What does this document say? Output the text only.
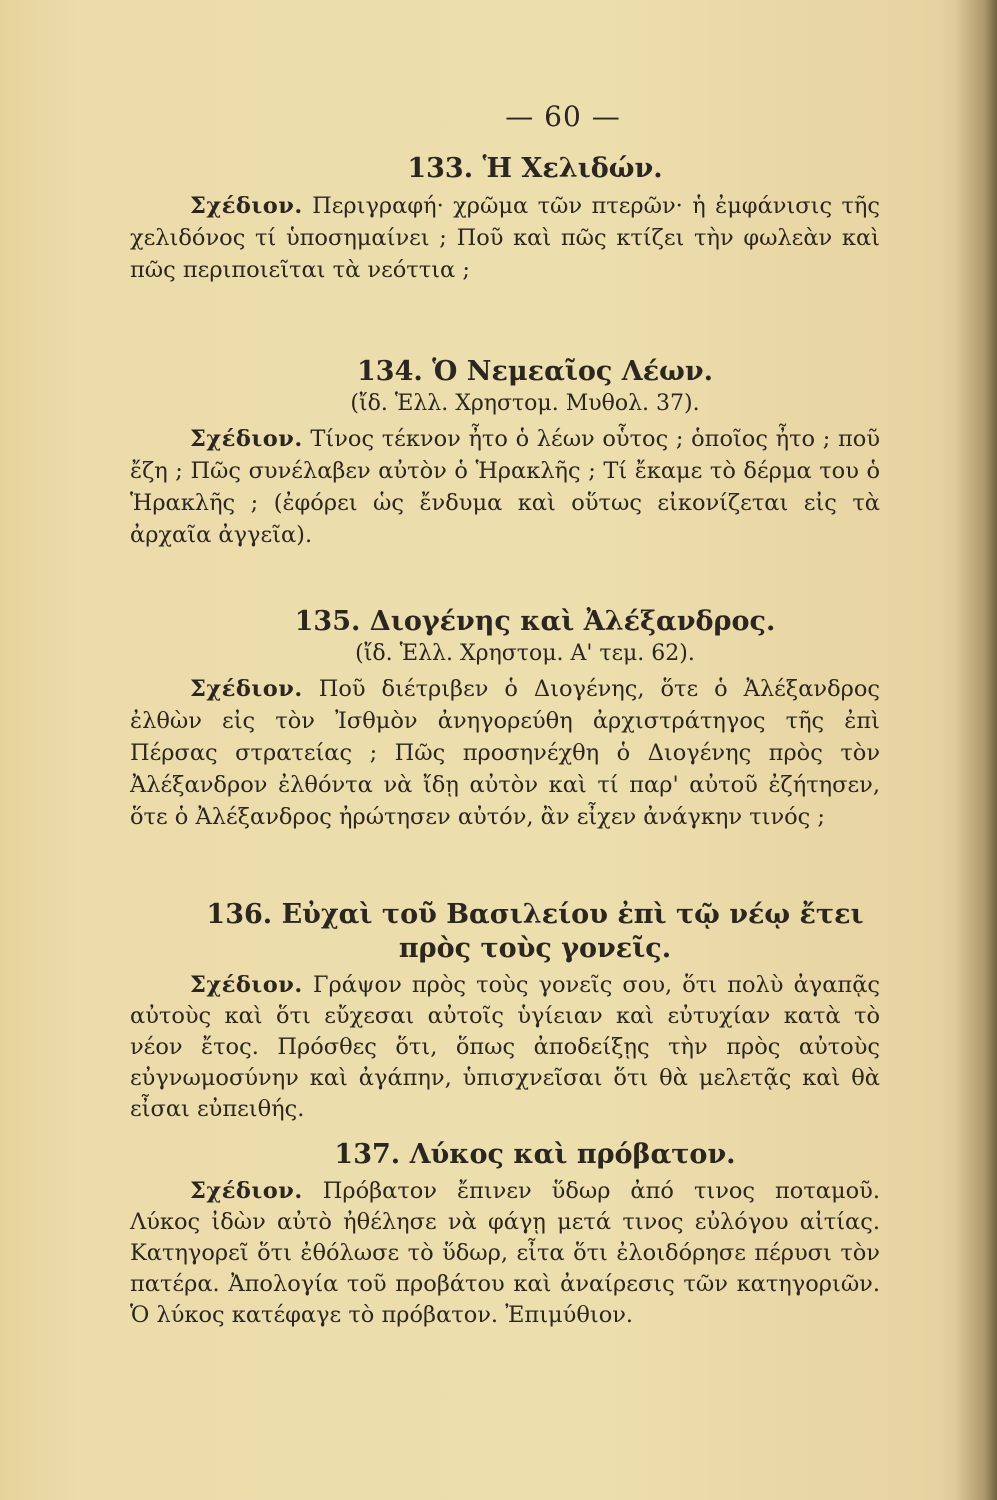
— 60 —
133. Ἡ Χελιδών.
Σχέδιον. Περιγραφή· χρῶμα τῶν πτερῶν· ἡ ἐμφάνισις τῆς χελιδόνος τί ὑποσημαίνει ; Ποῦ καὶ πῶς κτίζει τὴν φωλεὰν καὶ πῶς περιποιεῖται τὰ νεόττια ;
134. Ὁ Νεμεαῖος Λέων.
(ἴδ. Ἑλλ. Χρηστομ. Μυθολ. 37).
Σχέδιον. Τίνος τέκνον ἦτο ὁ λέων οὗτος ; ὁποῖος ἦτο ; ποῦ ἔζη ; Πῶς συνέλαβεν αὐτὸν ὁ Ἡρακλῆς ; Τί ἔκαμε τὸ δέρμα του ὁ Ἡρακλῆς ; (ἐφόρει ὡς ἔνδυμα καὶ οὕτως εἰκονίζεται εἰς τὰ ἀρχαῖα ἀγγεῖα).
135. Διογένης καὶ Ἀλέξανδρος.
(ἴδ. Ἑλλ. Χρηστομ. Α' τεμ. 62).
Σχέδιον. Ποῦ διέτριβεν ὁ Διογένης, ὅτε ὁ Ἀλέξανδρος ἐλθὼν εἰς τὸν Ἰσθμὸν ἀνηγορεύθη ἀρχιστράτηγος τῆς ἐπὶ Πέρσας στρατείας ; Πῶς προσηνέχθη ὁ Διογένης πρὸς τὸν Ἀλέξανδρον ἐλθόντα νὰ ἴδῃ αὐτὸν καὶ τί παρ' αὐτοῦ ἐζήτησεν, ὅτε ὁ Ἀλέξανδρος ἠρώτησεν αὐτόν, ἂν εἶχεν ἀνάγκην τινός ;
136. Εὐχαὶ τοῦ Βασιλείου ἐπὶ τῷ νέῳ ἔτει πρὸς τοὺς γονεῖς.
Σχέδιον. Γράψον πρὸς τοὺς γονεῖς σου, ὅτι πολὺ ἀγαπᾷς αὐτοὺς καὶ ὅτι εὔχεσαι αὐτοῖς ὑγίειαν καὶ εὐτυχίαν κατὰ τὸ νέον ἔτος. Πρόσθες ὅτι, ὅπως ἀποδείξῃς τὴν πρὸς αὐτοὺς εὐγνωμοσύνην καὶ ἀγάπην, ὑπισχνεῖσαι ὅτι θὰ μελετᾷς καὶ θὰ εἶσαι εὐπειθής.
137. Λύκος καὶ πρόβατον.
Σχέδιον. Πρόβατον ἔπινεν ὕδωρ ἀπό τινος ποταμοῦ. Λύκος ἰδὼν αὐτὸ ἠθέλησε νὰ φάγῃ μετά τινος εὐλόγου αἰτίας. Κατηγορεῖ ὅτι ἐθόλωσε τὸ ὕδωρ, εἶτα ὅτι ἐλοιδόρησε πέρυσι τὸν πατέρα. Ἀπολογία τοῦ προβάτου καὶ ἀναίρεσις τῶν κατηγοριῶν. Ὁ λύκος κατέφαγε τὸ πρόβατον. Ἐπιμύθιον.
